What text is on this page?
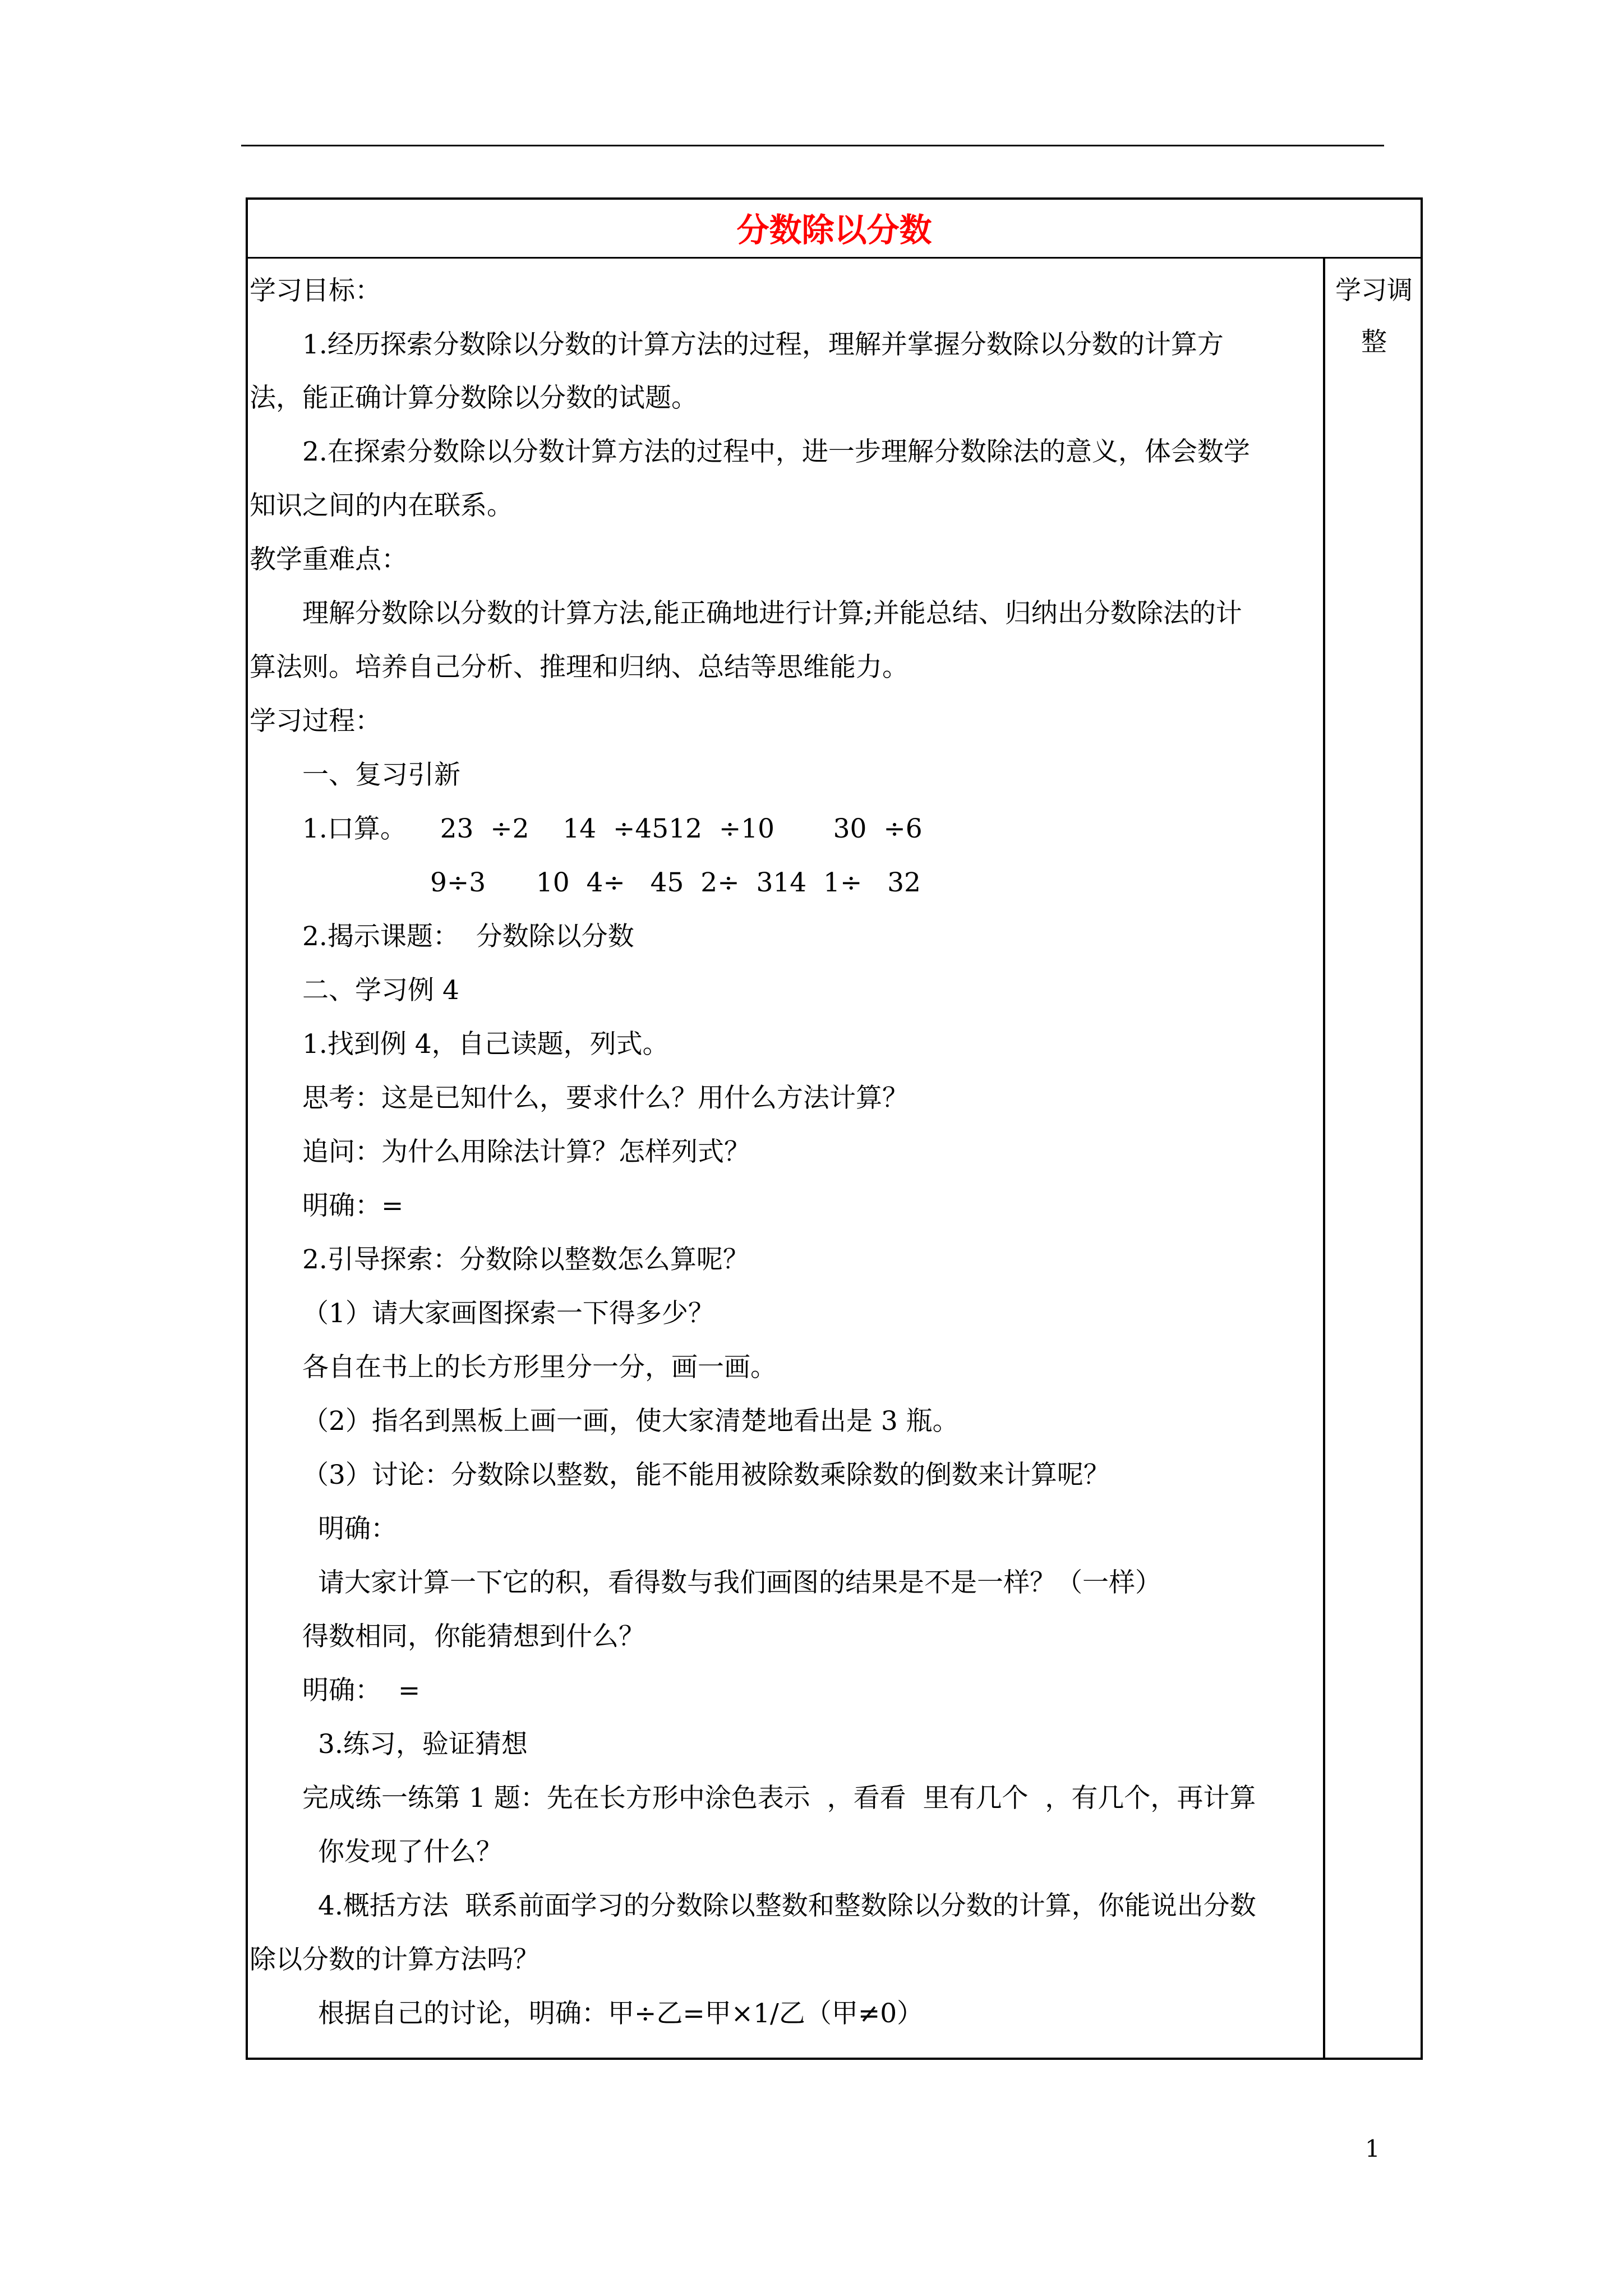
分数除以分数
学习调整
学习目标：
1.经历探索分数除以分数的计算方法的过程，理解并掌握分数除以分数的计算方
法，能正确计算分数除以分数的试题。
2.在探索分数除以分数计算方法的过程中，进一步理解分数除法的意义，体会数学
知识之间的内在联系。
教学重难点：
理解分数除以分数的计算方法,能正确地进行计算;并能总结、归纳出分数除法的计
算法则。培养自己分析、推理和归纳、总结等思维能力。
学习过程：
一、复习引新
1.口算。    23  ÷2    14  ÷4512  ÷10       30  ÷6
9÷3      10  4÷   45  2÷  314  1÷   32
2.揭示课题：  分数除以分数
二、学习例 4
1.找到例 4，自己读题，列式。
思考：这是已知什么，要求什么？用什么方法计算？
追问：为什么用除法计算？怎样列式？
明确：=
2.引导探索：分数除以整数怎么算呢？
（1）请大家画图探索一下得多少？
各自在书上的长方形里分一分，画一画。
（2）指名到黑板上画一画，使大家清楚地看出是 3 瓶。
（3）讨论：分数除以整数，能不能用被除数乘除数的倒数来计算呢？
明确：
请大家计算一下它的积，看得数与我们画图的结果是不是一样？（一样）
得数相同，你能猜想到什么？
明确：  =
3.练习，验证猜想
完成练一练第 1 题：先在长方形中涂色表示  ，看看  里有几个  ，有几个，再计算
你发现了什么？
4.概括方法  联系前面学习的分数除以整数和整数除以分数的计算，你能说出分数
除以分数的计算方法吗？
根据自己的讨论，明确：甲÷乙=甲×1/乙（甲≠0）
1
